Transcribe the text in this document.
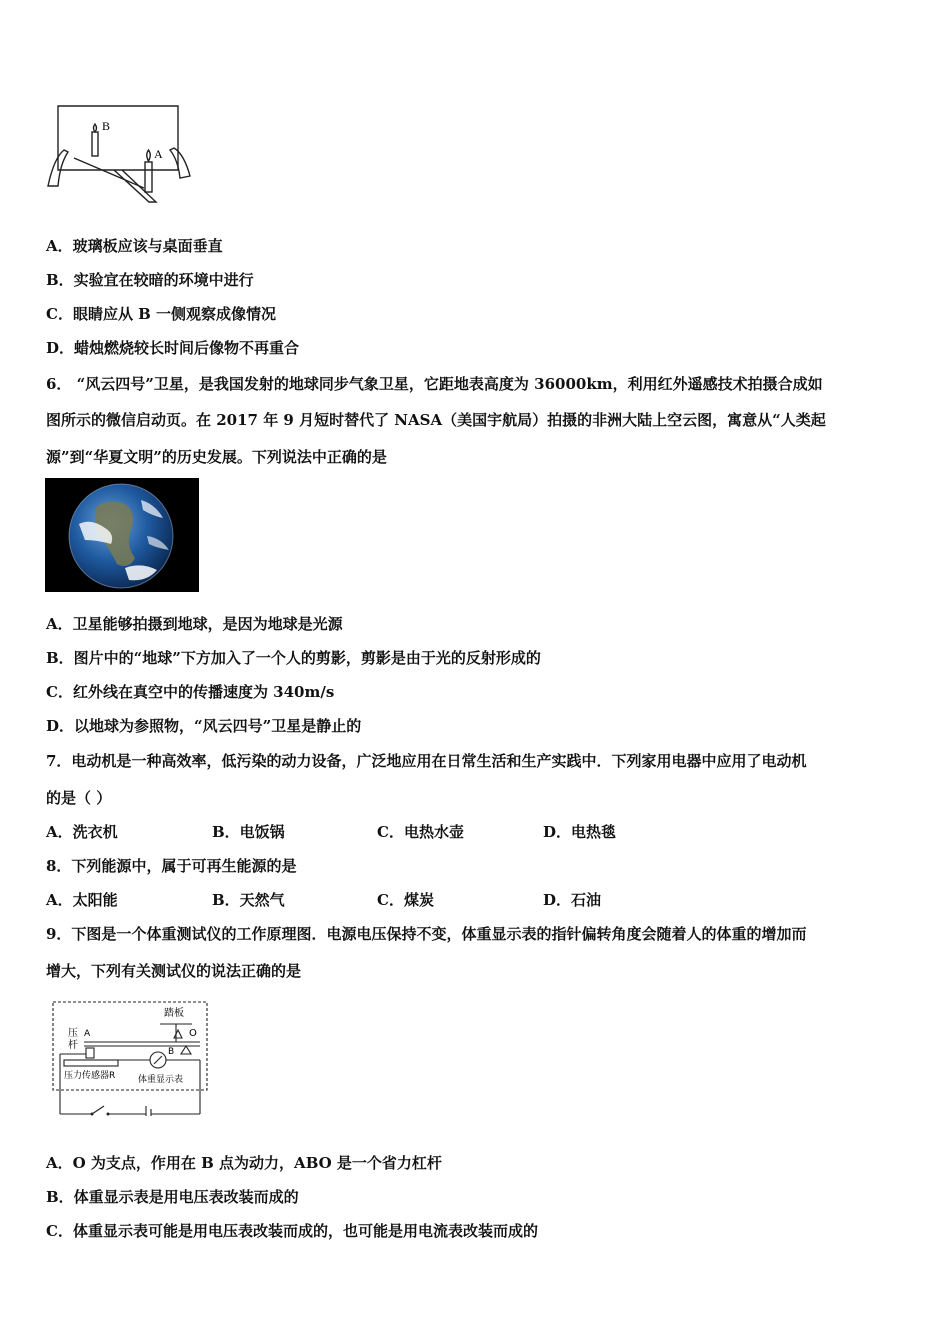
B
A
A．玻璃板应该与桌面垂直
B．实验宜在较暗的环境中进行
C．眼睛应从 B 一侧观察成像情况
D．蜡烛燃烧较长时间后像物不再重合
6． “风云四号”卫星，是我国发射的地球同步气象卫星，它距地表高度为 36000km，利用红外遥感技术拍摄合成如
图所示的微信启动页。在 2017 年 9 月短时替代了 NASA（美国宇航局）拍摄的非洲大陆上空云图，寓意从“人类起
源”到“华夏文明”的历史发展。下列说法中正确的是
A．卫星能够拍摄到地球，是因为地球是光源
B．图片中的“地球”下方加入了一个人的剪影，剪影是由于光的反射形成的
C．红外线在真空中的传播速度为 340m/s
D．以地球为参照物，“风云四号”卫星是静止的
7．电动机是一种高效率，低污染的动力设备，广泛地应用在日常生活和生产实践中．下列家用电器中应用了电动机
的是（ ）
A．洗衣机	B．电饭锅	C．电热水壶	D．电热毯
8．下列能源中，属于可再生能源的是
A．太阳能	B．天然气	C．煤炭	D．石油
9．下图是一个体重测试仪的工作原理图．电源电压保持不变，体重显示表的指针偏转角度会随着人的体重的增加而
增大，下列有关测试仪的说法正确的是
踏板
O
压
杆
A
B
压力传感器R	体重显示表
A．O 为支点，作用在 B 点为动力，ABO 是一个省力杠杆
B．体重显示表是用电压表改装而成的
C．体重显示表可能是用电压表改装而成的，也可能是用电流表改装而成的
